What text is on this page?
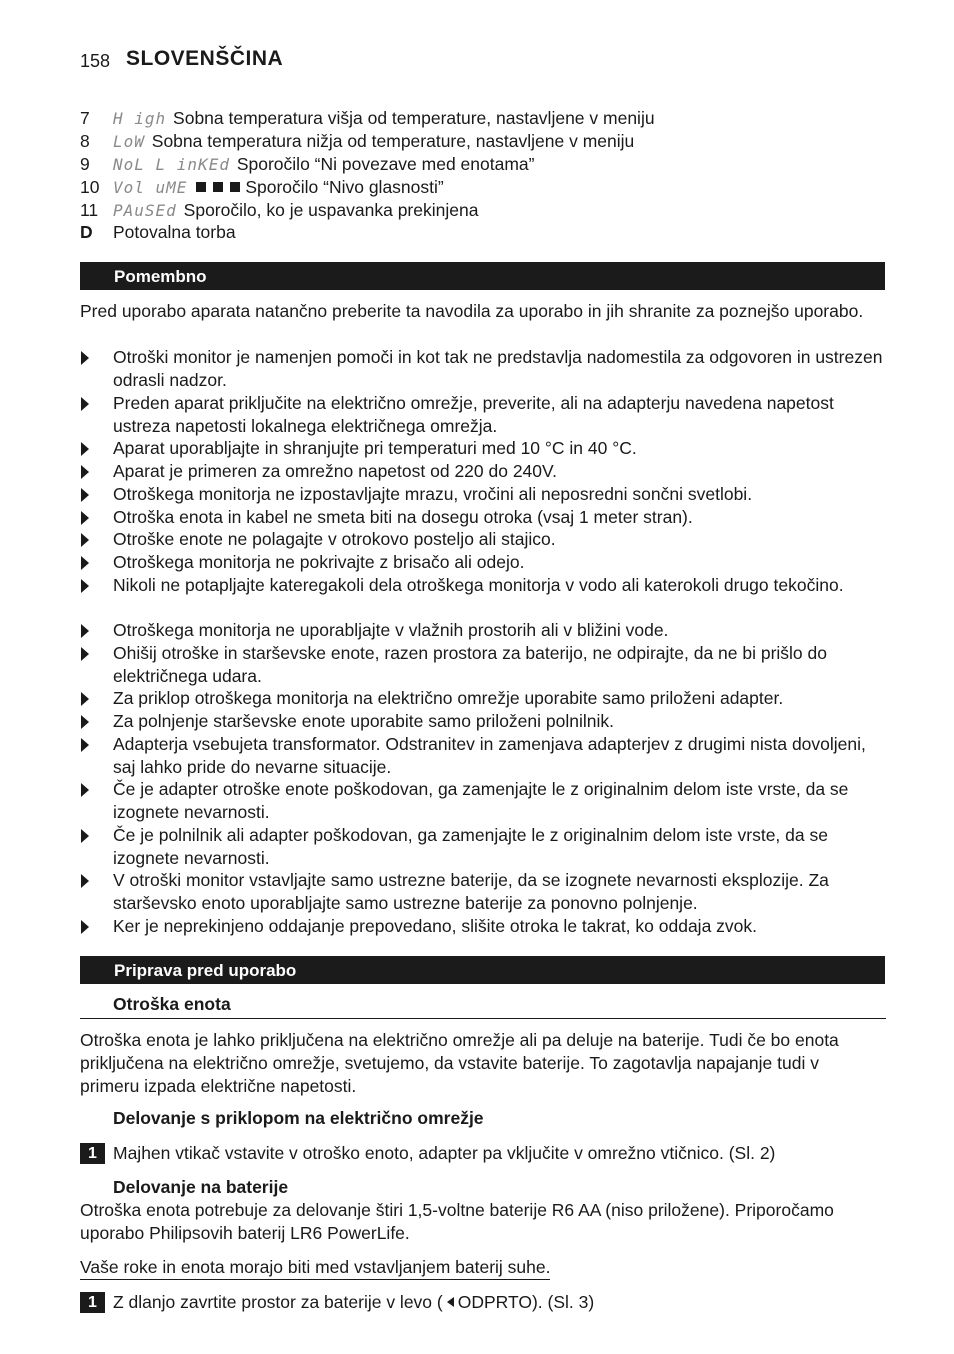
158 SLOVENŠČINA
7 H igh Sobna temperatura višja od temperature, nastavljene v meniju
8 LoW Sobna temperatura nižja od temperature, nastavljene v meniju
9 NoL L inKEd Sporočilo “Ni povezave med enotama”
10 Vol uME	Sporočilo “Nivo glasnosti”
11 PAuSEd Sporočilo, ko je uspavanka prekinjena
D Potovalna torba
Pomembno
Pred uporabo aparata natančno preberite ta navodila za uporabo in jih shranite za poznejšo uporabo.
Otroški monitor je namenjen pomoči in kot tak ne predstavlja nadomestila za odgovoren in ustrezen odrasli nadzor.
Preden aparat priključite na električno omrežje, preverite, ali na adapterju navedena napetost ustreza napetosti lokalnega električnega omrežja.
Aparat uporabljajte in shranjujte pri temperaturi med 10 °C in 40 °C.
Aparat je primeren za omrežno napetost od 220 do 240V.
Otroškega monitorja ne izpostavljajte mrazu, vročini ali neposredni sončni svetlobi.
Otroška enota in kabel ne smeta biti na dosegu otroka (vsaj 1 meter stran).
Otroške enote ne polagajte v otrokovo posteljo ali stajico.
Otroškega monitorja ne pokrivajte z brisačo ali odejo.
Nikoli ne potapljajte kateregakoli dela otroškega monitorja v vodo ali katerokoli drugo tekočino.
Otroškega monitorja ne uporabljajte v vlažnih prostorih ali v bližini vode.
Ohišij otroške in starševske enote, razen prostora za baterijo, ne odpirajte, da ne bi prišlo do električnega udara.
Za priklop otroškega monitorja na električno omrežje uporabite samo priloženi adapter.
Za polnjenje starševske enote uporabite samo priloženi polnilnik.
Adapterja vsebujeta transformator. Odstranitev in zamenjava adapterjev z drugimi nista dovoljeni, saj lahko pride do nevarne situacije.
Če je adapter otroške enote poškodovan, ga zamenjajte le z originalnim delom iste vrste, da se izognete nevarnosti.
Če je polnilnik ali adapter poškodovan, ga zamenjajte le z originalnim delom iste vrste, da se izognete nevarnosti.
V otroški monitor vstavljajte samo ustrezne baterije, da se izognete nevarnosti eksplozije. Za starševsko enoto uporabljajte samo ustrezne baterije za ponovno polnjenje.
Ker je neprekinjeno oddajanje prepovedano, slišite otroka le takrat, ko oddaja zvok.
Priprava pred uporabo
Otroška enota
Otroška enota je lahko priključena na električno omrežje ali pa deluje na baterije. Tudi če bo enota priključena na električno omrežje, svetujemo, da vstavite baterije. To zagotavlja napajanje tudi v primeru izpada električne napetosti.
Delovanje s priklopom na električno omrežje
1 Majhen vtikač vstavite v otroško enoto, adapter pa vključite v omrežno vtičnico. (Sl. 2)
Delovanje na baterije
Otroška enota potrebuje za delovanje štiri 1,5-voltne baterije R6 AA (niso priložene). Priporočamo uporabo Philipsovih baterij LR6 PowerLife.
Vaše roke in enota morajo biti med vstavljanjem baterij suhe.
1 Z dlanjo zavrtite prostor za baterije v levo ( ODPRTO). (Sl. 3)
